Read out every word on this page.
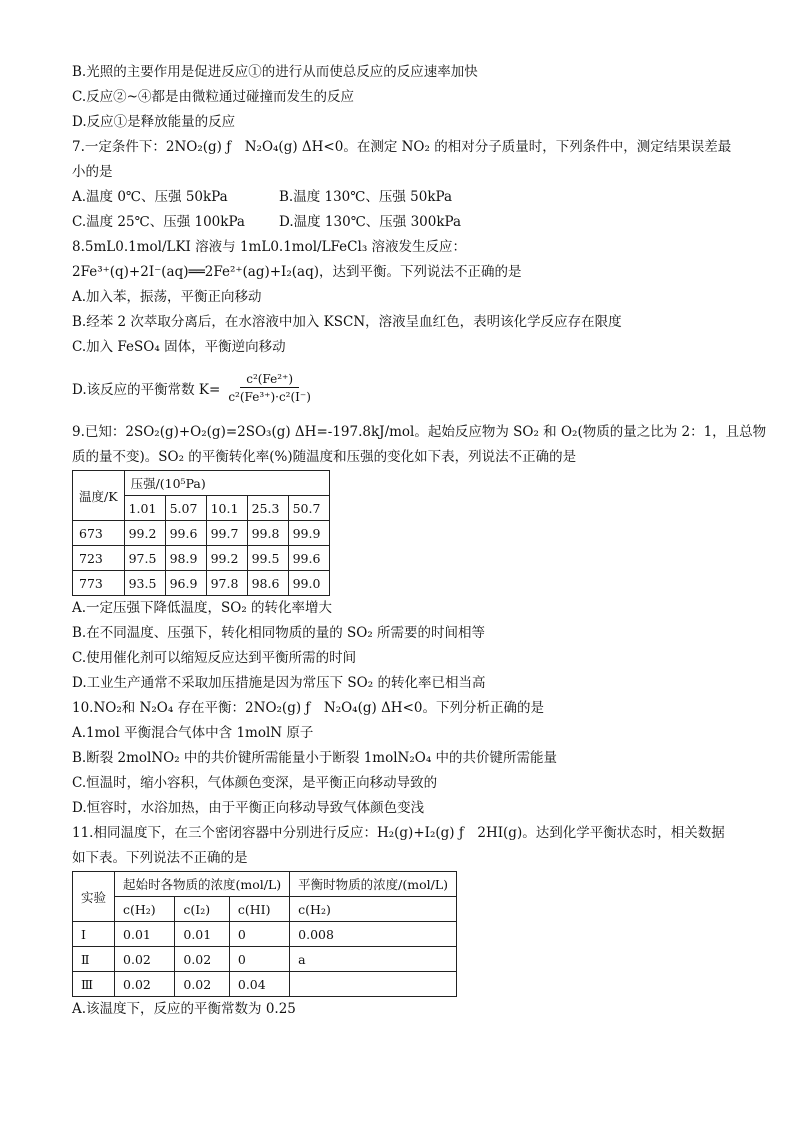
B.光照的主要作用是促进反应①的进行从而使总反应的反应速率加快
C.反应②~④都是由微粒通过碰撞而发生的反应
D.反应①是释放能量的反应
7.一定条件下：2NO₂(g) ƒ　N₂O₄(g) ΔH<0。在测定 NO₂ 的相对分子质量时，下列条件中，测定结果误差最
小的是
A.温度 0℃、压强 50kPa	B.温度 130℃、压强 50kPa
C.温度 25℃、压强 100kPa	D.温度 130℃、压强 300kPa
8.5mL0.1mol/LKI 溶液与 1mL0.1mol/LFeCl₃ 溶液发生反应：
2Fe³⁺(q)+2I⁻(aq)══2Fe²⁺(ag)+I₂(aq)，达到平衡。下列说法不正确的是
A.加入苯，振荡，平衡正向移动
B.经苯 2 次萃取分离后，在水溶液中加入 KSCN，溶液呈血红色，表明该化学反应存在限度
C.加入 FeSO₄ 固体，平衡逆向移动
D.该反应的平衡常数 $K= \frac{\text{c²(Fe²⁺)}}{\text{c²(Fe³⁺)·c²(I⁻)}}$
9.已知：2SO₂(g)+O₂(g)=2SO₃(g) ΔH=-197.8kJ/mol。起始反应物为 SO₂ 和 O₂(物质的量之比为 2：1，且总物
质的量不变)。SO₂ 的平衡转化率(%)随温度和压强的变化如下表，列说法不正确的是
温度/K	压强/(10⁵Pa)				
	1.01	5.07	10.1	25.3	50.7
673	99.2	99.6	99.7	99.8	99.9
723	97.5	98.9	99.2	99.5	99.6
773	93.5	96.9	97.8	98.6	99.0
A.一定压强下降低温度，SO₂ 的转化率增大
B.在不同温度、压强下，转化相同物质的量的 SO₂ 所需要的时间相等
C.使用催化剂可以缩短反应达到平衡所需的时间
D.工业生产通常不采取加压措施是因为常压下 SO₂ 的转化率已相当高
10.NO₂和 N₂O₄ 存在平衡：2NO₂(g) ƒ　N₂O₄(g) ΔH<0。下列分析正确的是
A.1mol 平衡混合气体中含 1molN 原子
B.断裂 2molNO₂ 中的共价键所需能量小于断裂 1molN₂O₄ 中的共价键所需能量
C.恒温时，缩小容积，气体颜色变深，是平衡正向移动导致的
D.恒容时，水浴加热，由于平衡正向移动导致气体颜色变浅
11.相同温度下，在三个密闭容器中分别进行反应：H₂(g)+I₂(g) ƒ　2HI(g)。达到化学平衡状态时，相关数据
如下表。下列说法不正确的是
实验	起始时各物质的浓度(mol/L)			平衡时物质的浓度/(mol/L)
	c(H₂)	c(I₂)	c(HI)	c(H₂)
Ⅰ	0.01	0.01	0	0.008
Ⅱ	0.02	0.02	0	a
Ⅲ	0.02	0.02	0.04	
A.该温度下，反应的平衡常数为 0.25
